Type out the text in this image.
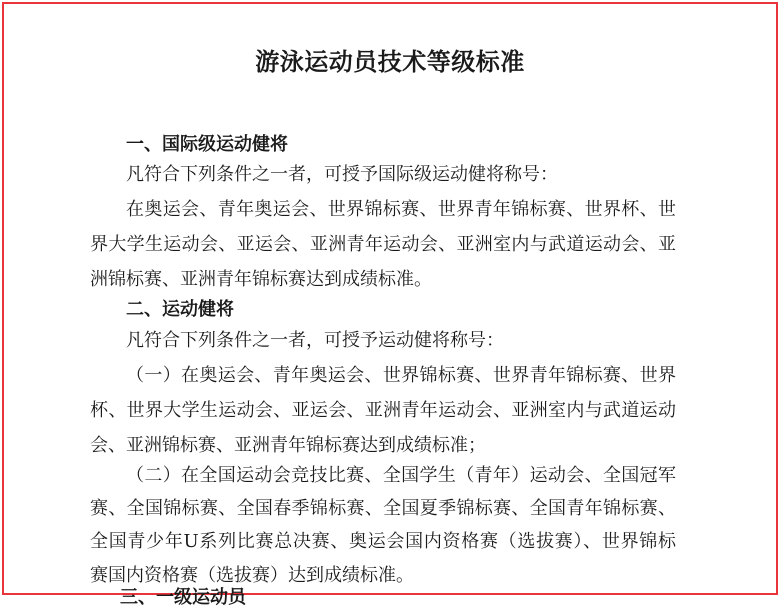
游泳运动员技术等级标准
一、国际级运动健将
凡符合下列条件之一者，可授予国际级运动健将称号：
在奥运会、青年奥运会、世界锦标赛、世界青年锦标赛、世界杯、世
界大学生运动会、亚运会、亚洲青年运动会、亚洲室内与武道运动会、亚
洲锦标赛、亚洲青年锦标赛达到成绩标准。
二、运动健将
凡符合下列条件之一者，可授予运动健将称号：
（一）在奥运会、青年奥运会、世界锦标赛、世界青年锦标赛、世界
杯、世界大学生运动会、亚运会、亚洲青年运动会、亚洲室内与武道运动
会、亚洲锦标赛、亚洲青年锦标赛达到成绩标准；
（二）在全国运动会竞技比赛、全国学生（青年）运动会、全国冠军
赛、全国锦标赛、全国春季锦标赛、全国夏季锦标赛、全国青年锦标赛、
全国青少年U系列比赛总决赛、奥运会国内资格赛（选拔赛）、世界锦标
赛国内资格赛（选拔赛）达到成绩标准。
三、一级运动员
